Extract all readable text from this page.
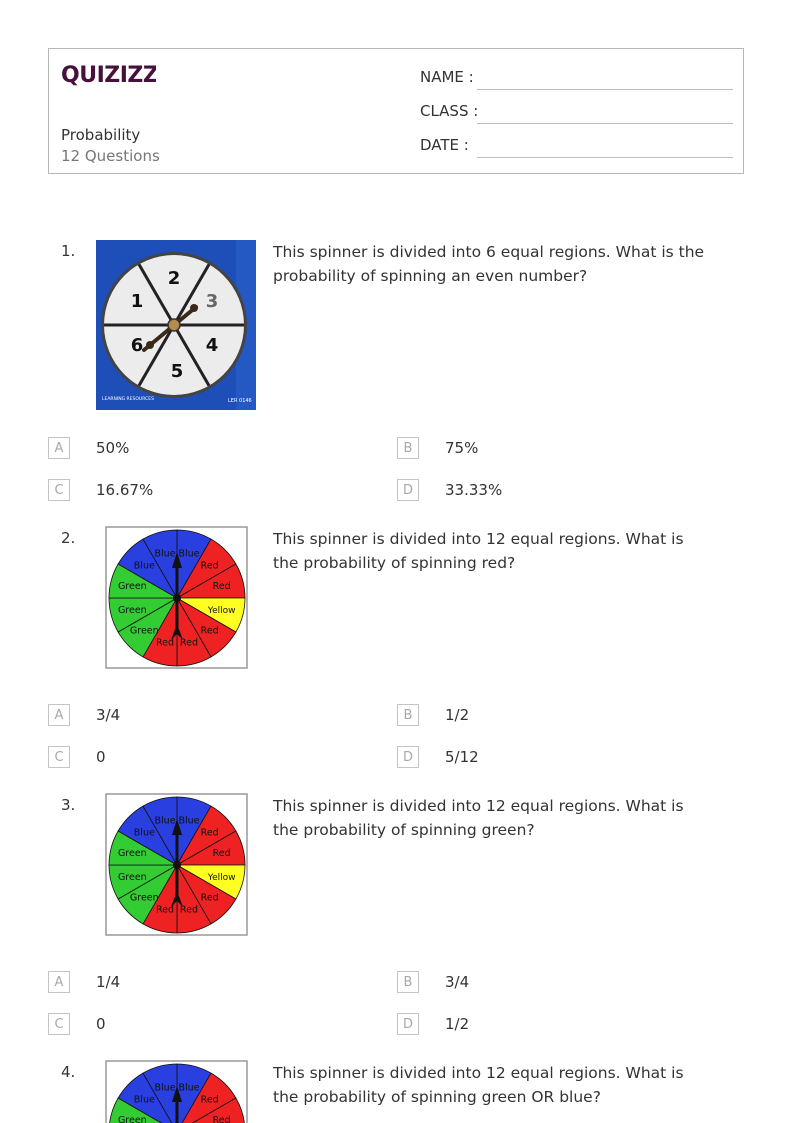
QUIZIZZ
Probability
12 Questions
NAME :
CLASS :
DATE :
1.
2
3
4
5
6
1
LEARNING RESOURCES	LER 0146
This spinner is divided into 6 equal regions. What is the probability of spinning an even number?
A	50%	B	75%
C	16.67%	D	33.33%
2.
Blue
Red
Red
Yellow
Red
Red
Red
Green
Green
Green
Blue
Blue
This spinner is divided into 12 equal regions. What is the probability of spinning red?
A	3/4	B	1/2
C	0	D	5/12
3.
Blue
Red
Red
Yellow
Red
Red
Red
Green
Green
Green
Blue
Blue
This spinner is divided into 12 equal regions. What is the probability of spinning green?
A	1/4	B	3/4
C	0	D	1/2
4.
Blue
Red
Red
Green
Blue
Blue
This spinner is divided into 12 equal regions. What is the probability of spinning green OR blue?
